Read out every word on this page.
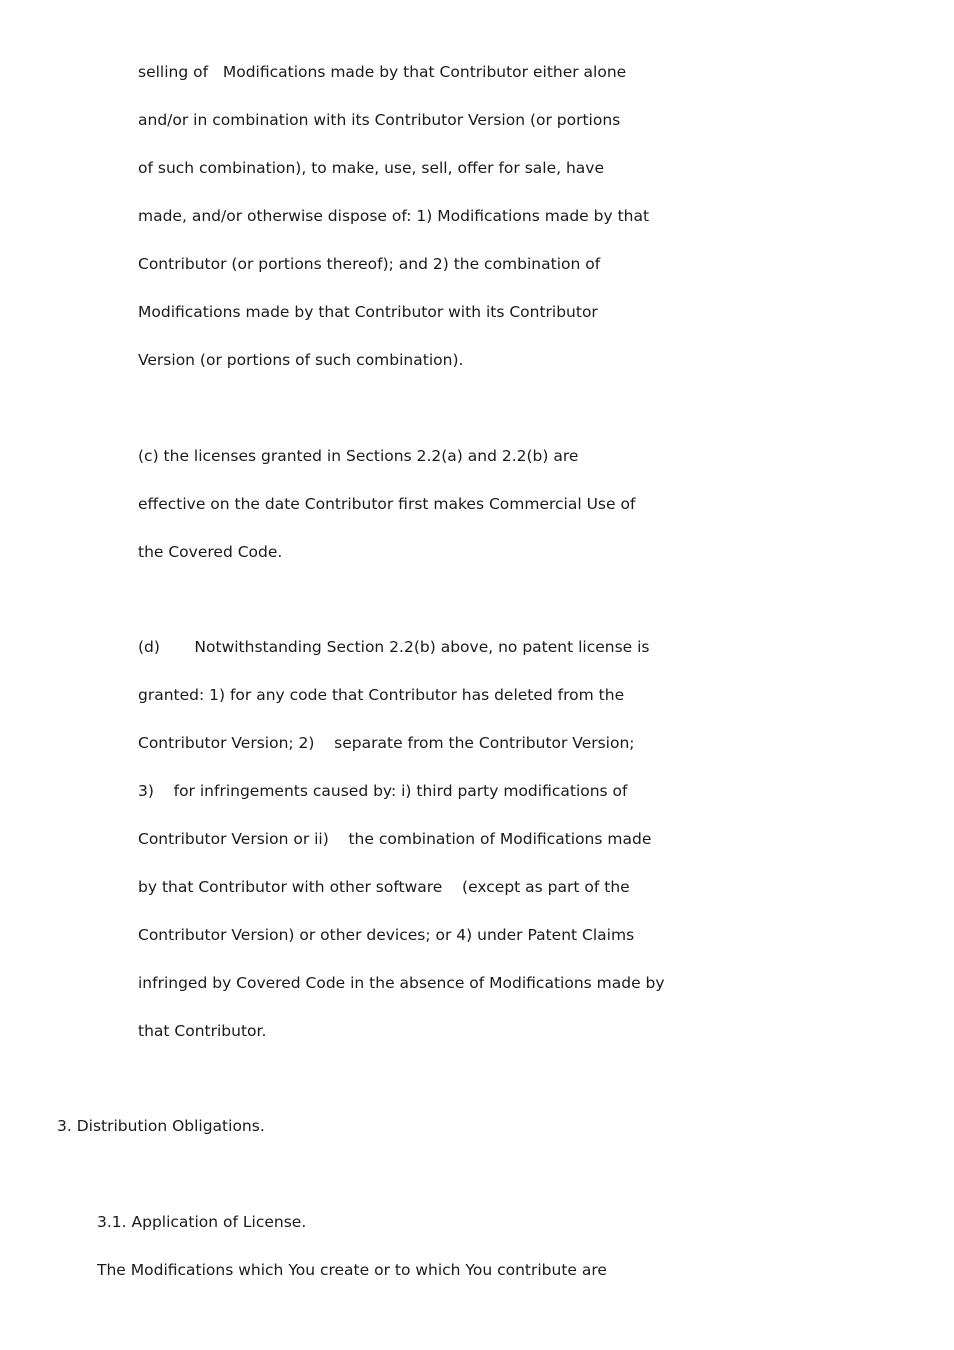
selling of   Modifications made by that Contributor either alone

and/or in combination with its Contributor Version (or portions

of such combination), to make, use, sell, offer for sale, have

made, and/or otherwise dispose of: 1) Modifications made by that

Contributor (or portions thereof); and 2) the combination of

Modifications made by that Contributor with its Contributor

Version (or portions of such combination).

(c) the licenses granted in Sections 2.2(a) and 2.2(b) are

effective on the date Contributor first makes Commercial Use of

the Covered Code.

(d)       Notwithstanding Section 2.2(b) above, no patent license is

granted: 1) for any code that Contributor has deleted from the

Contributor Version; 2)    separate from the Contributor Version;

3)    for infringements caused by: i) third party modifications of

Contributor Version or ii)    the combination of Modifications made

by that Contributor with other software    (except as part of the

Contributor Version) or other devices; or 4) under Patent Claims

infringed by Covered Code in the absence of Modifications made by

that Contributor.

3. Distribution Obligations.

3.1. Application of License.

The Modifications which You create or to which You contribute are
